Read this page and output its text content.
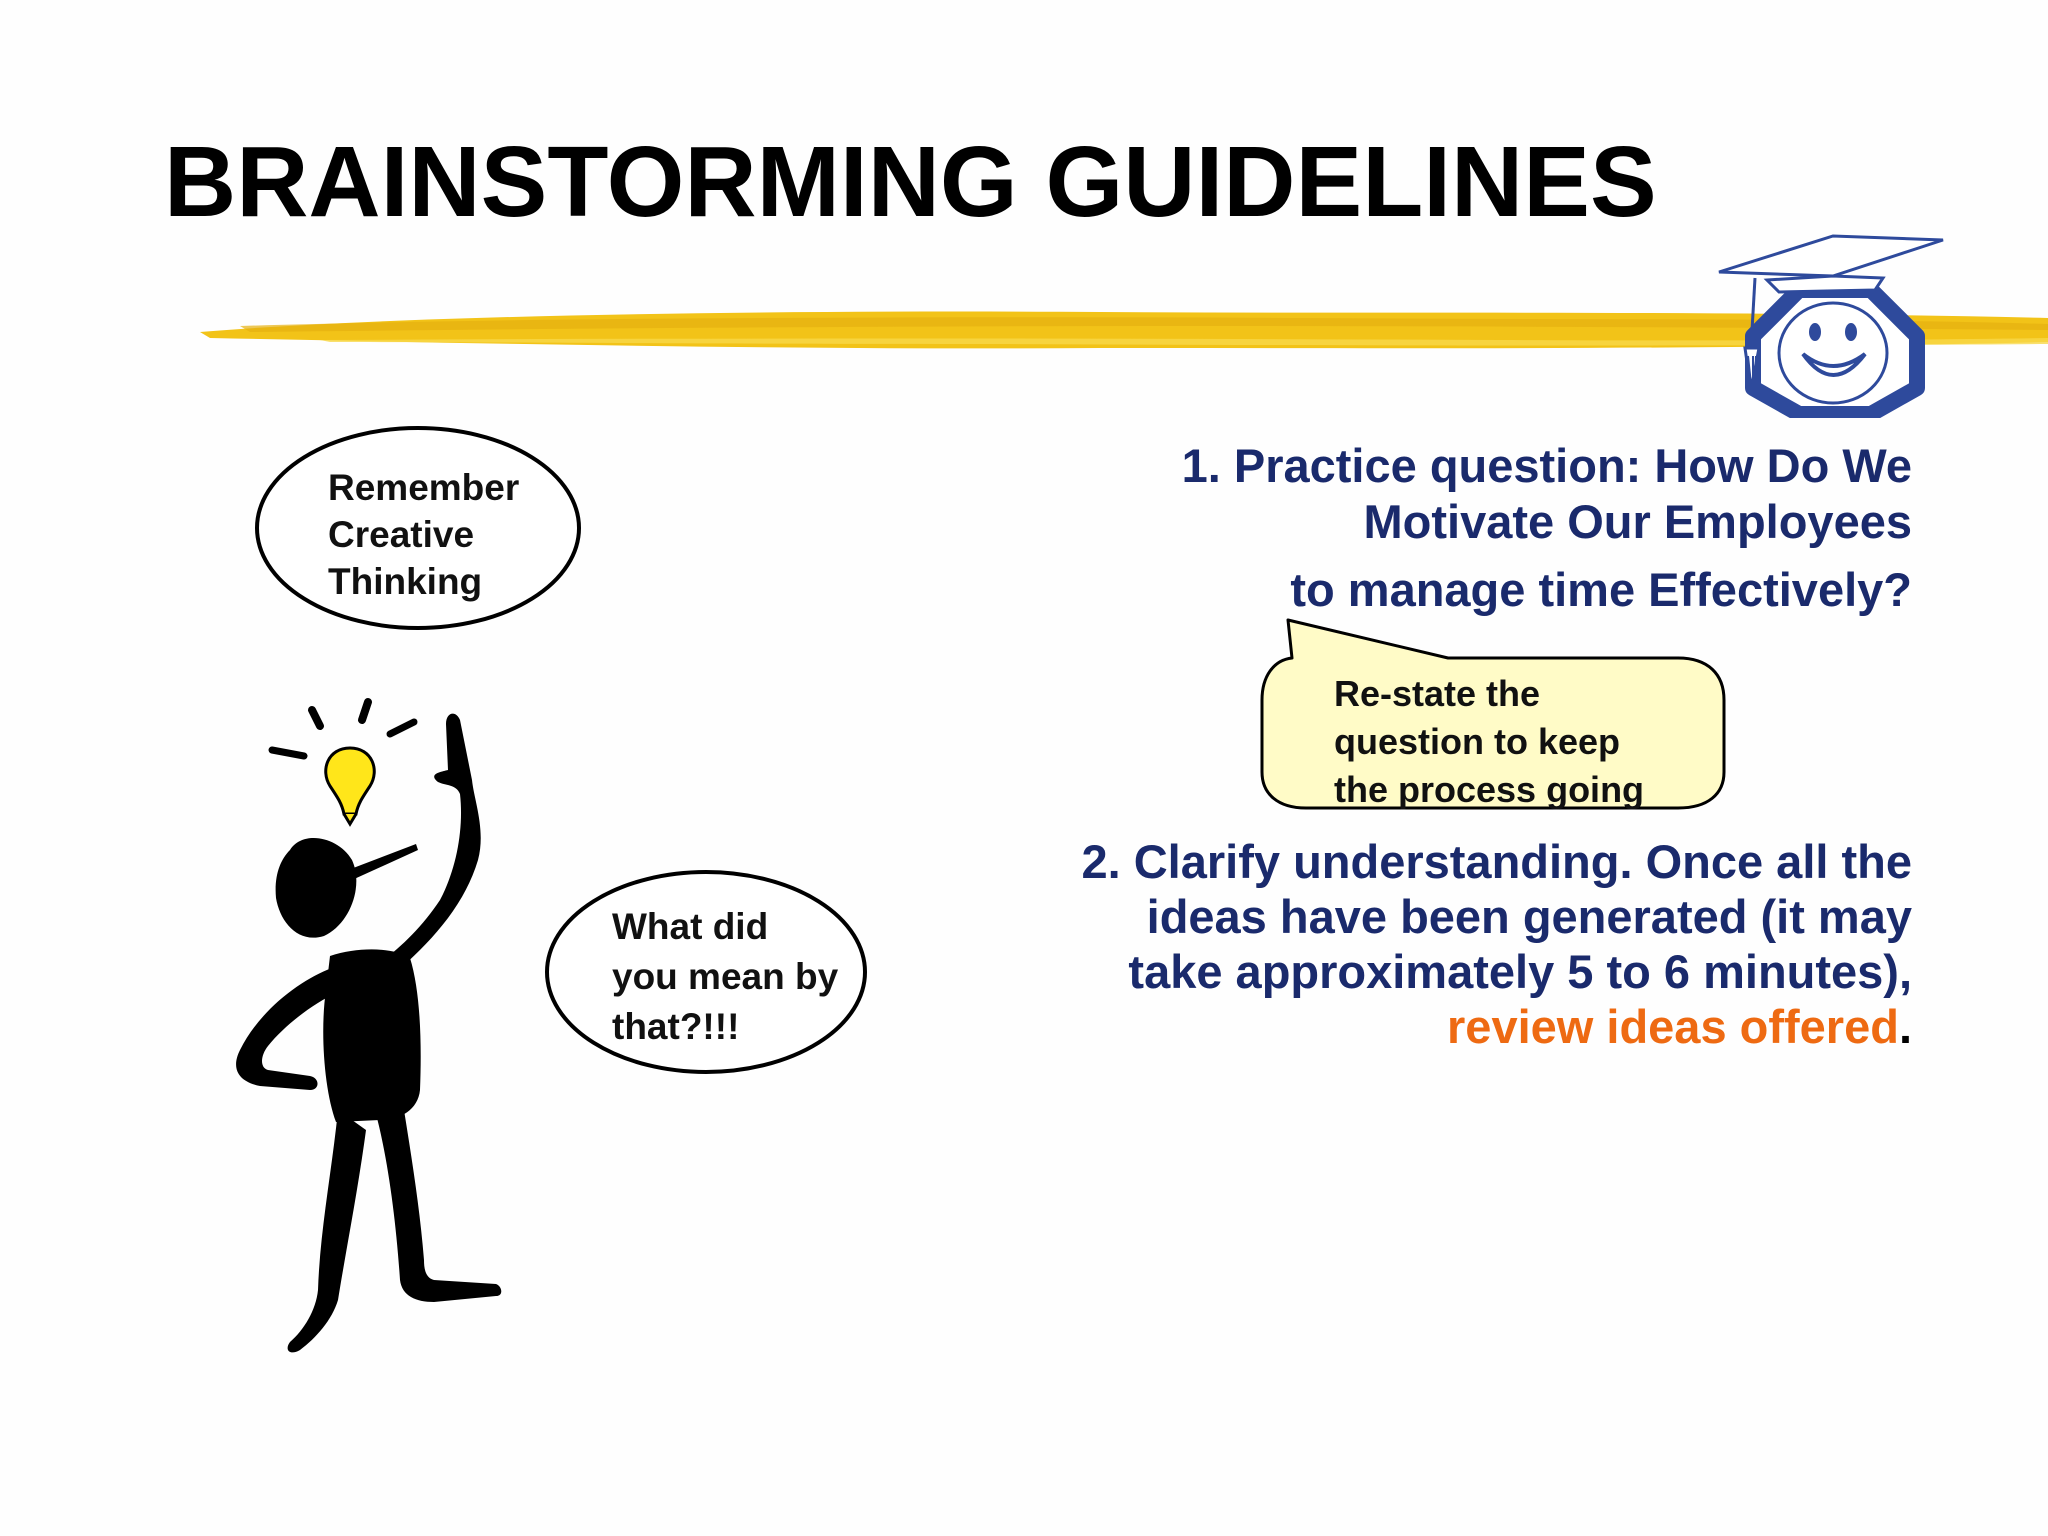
BRAINSTORMING GUIDELINES
Remember
Creative
Thinking
What did
you mean by
that?!!!
Re-state the
question to keep
the process going
1. Practice question: How Do We
Motivate Our Employees
to manage time Effectively?
2. Clarify understanding. Once all the
ideas have been generated (it may
take approximately 5 to 6 minutes),
review ideas offered.
